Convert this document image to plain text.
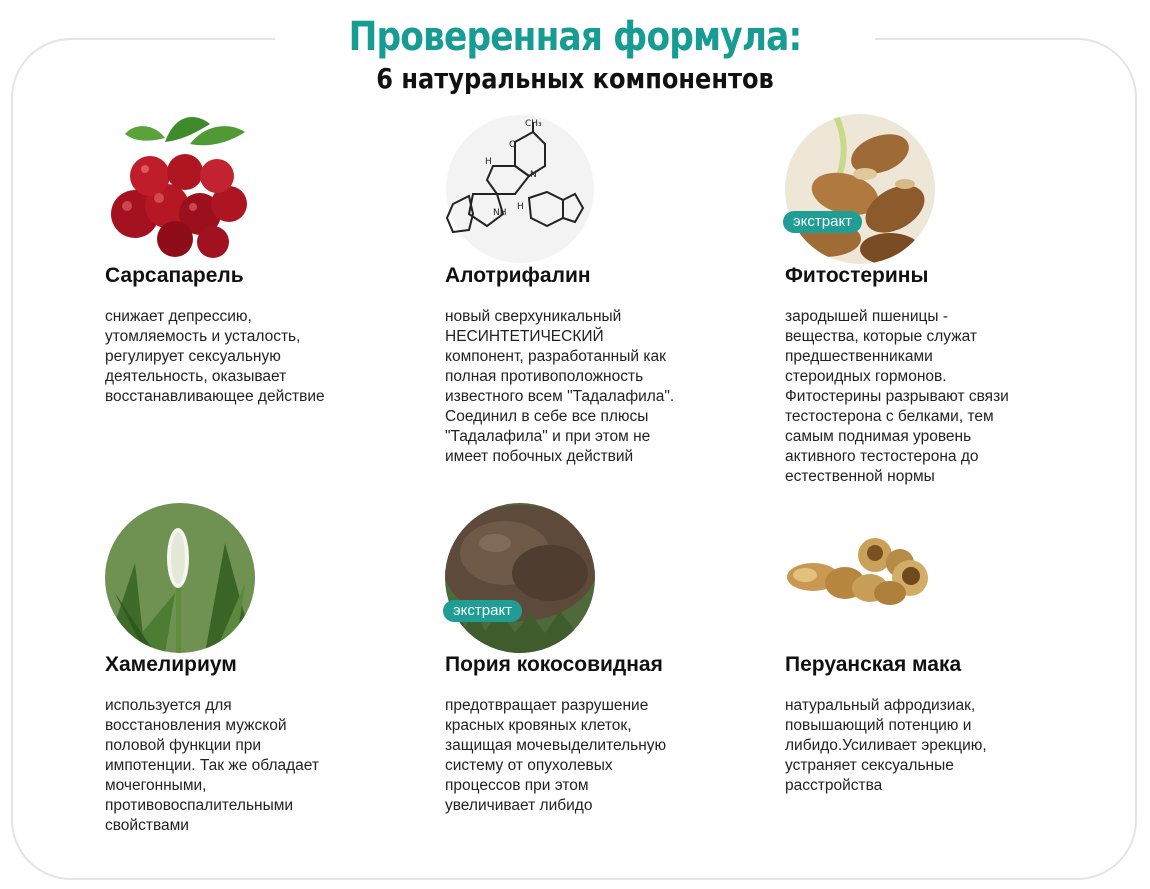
Проверенная формула:
6 натуральных компонентов
Сарсапарель
снижает депрессию,
утомляемость и усталость,
регулирует сексуальную
деятельность, оказывает
восстанавливающее действие
CH₃
H
NH
H
N
O
Алотрифалин
новый сверхуникальный
НЕСИНТЕТИЧЕСКИЙ
компонент, разработанный как
полная противоположность
известного всем "Тадалафила".
Соединил в себе все плюсы
"Тадалафила" и при этом не
имеет побочных действий
экстракт
Фитостерины
зародышей пшеницы -
вещества, которые служат
предшественниками
стероидных гормонов.
Фитостерины разрывают связи
тестостерона с белками, тем
самым поднимая уровень
активного тестостерона до
естественной нормы
Хамелириум
используется для
восстановления мужской
половой функции при
импотенции. Так же обладает
мочегонными,
противовоспалительными
свойствами
экстракт
Пория кокосовидная
предотвращает разрушение
красных кровяных клеток,
защищая мочевыделительную
систему от опухолевых
процессов при этом
увеличивает либидо
Перуанская мака
натуральный афродизиак,
повышающий потенцию и
либидо.Усиливает эрекцию,
устраняет сексуальные
расстройства
